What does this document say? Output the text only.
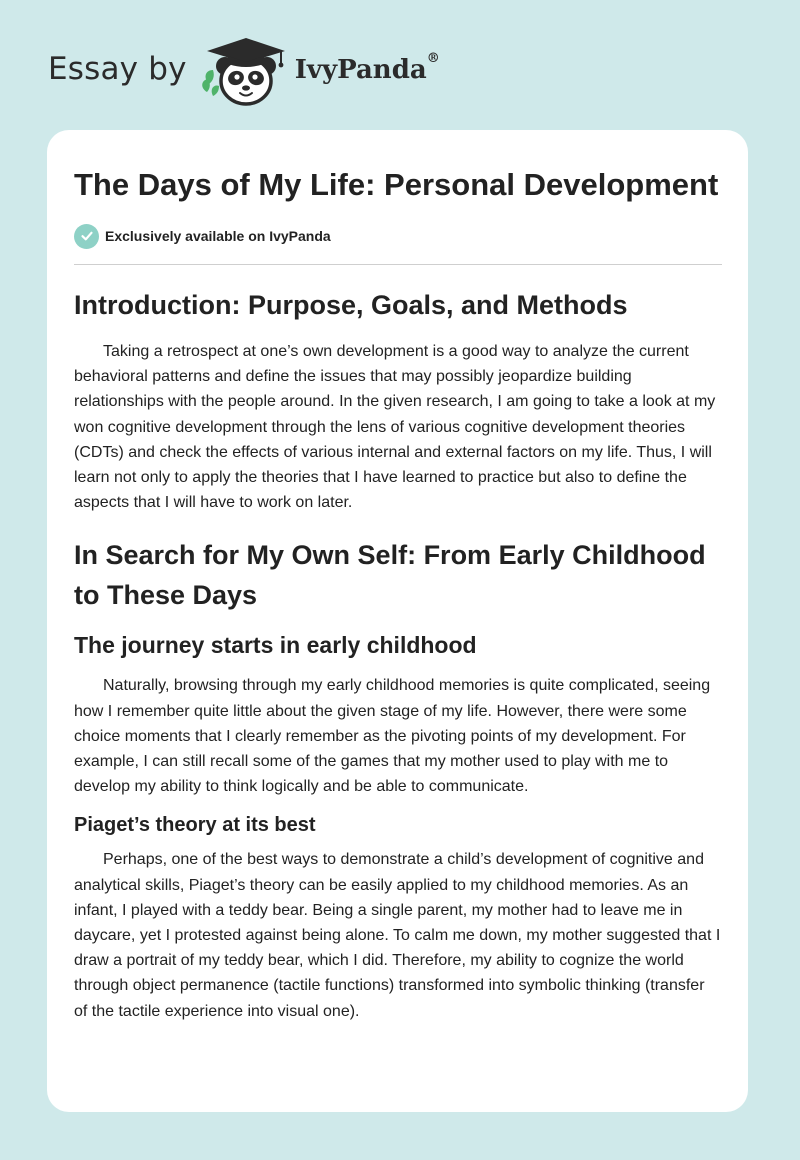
Essay by	IvyPanda®
The Days of My Life: Personal Development
Exclusively available on IvyPanda
Introduction: Purpose, Goals, and Methods

Taking a retrospect at one’s own development is a good way to analyze the current behavioral patterns and define the issues that may possibly jeopardize building relationships with the people around. In the given research, I am going to take a look at my won cognitive development through the lens of various cognitive development theories (CDTs) and check the effects of various internal and external factors on my life. Thus, I will learn not only to apply the theories that I have learned to practice but also to define the aspects that I will have to work on later.

In Search for My Own Self: From Early Childhood to These Days
The journey starts in early childhood

Naturally, browsing through my early childhood memories is quite complicated, seeing how I remember quite little about the given stage of my life. However, there were some choice moments that I clearly remember as the pivoting points of my development. For example, I can still recall some of the games that my mother used to play with me to develop my ability to think logically and be able to communicate.

Piaget’s theory at its best

Perhaps, one of the best ways to demonstrate a child’s development of cognitive and analytical skills, Piaget’s theory can be easily applied to my childhood memories. As an infant, I played with a teddy bear. Being a single parent, my mother had to leave me in daycare, yet I protested against being alone. To calm me down, my mother suggested that I draw a portrait of my teddy bear, which I did. Therefore, my ability to cognize the world through object permanence (tactile functions) transformed into symbolic thinking (transfer of the tactile experience into visual one).
